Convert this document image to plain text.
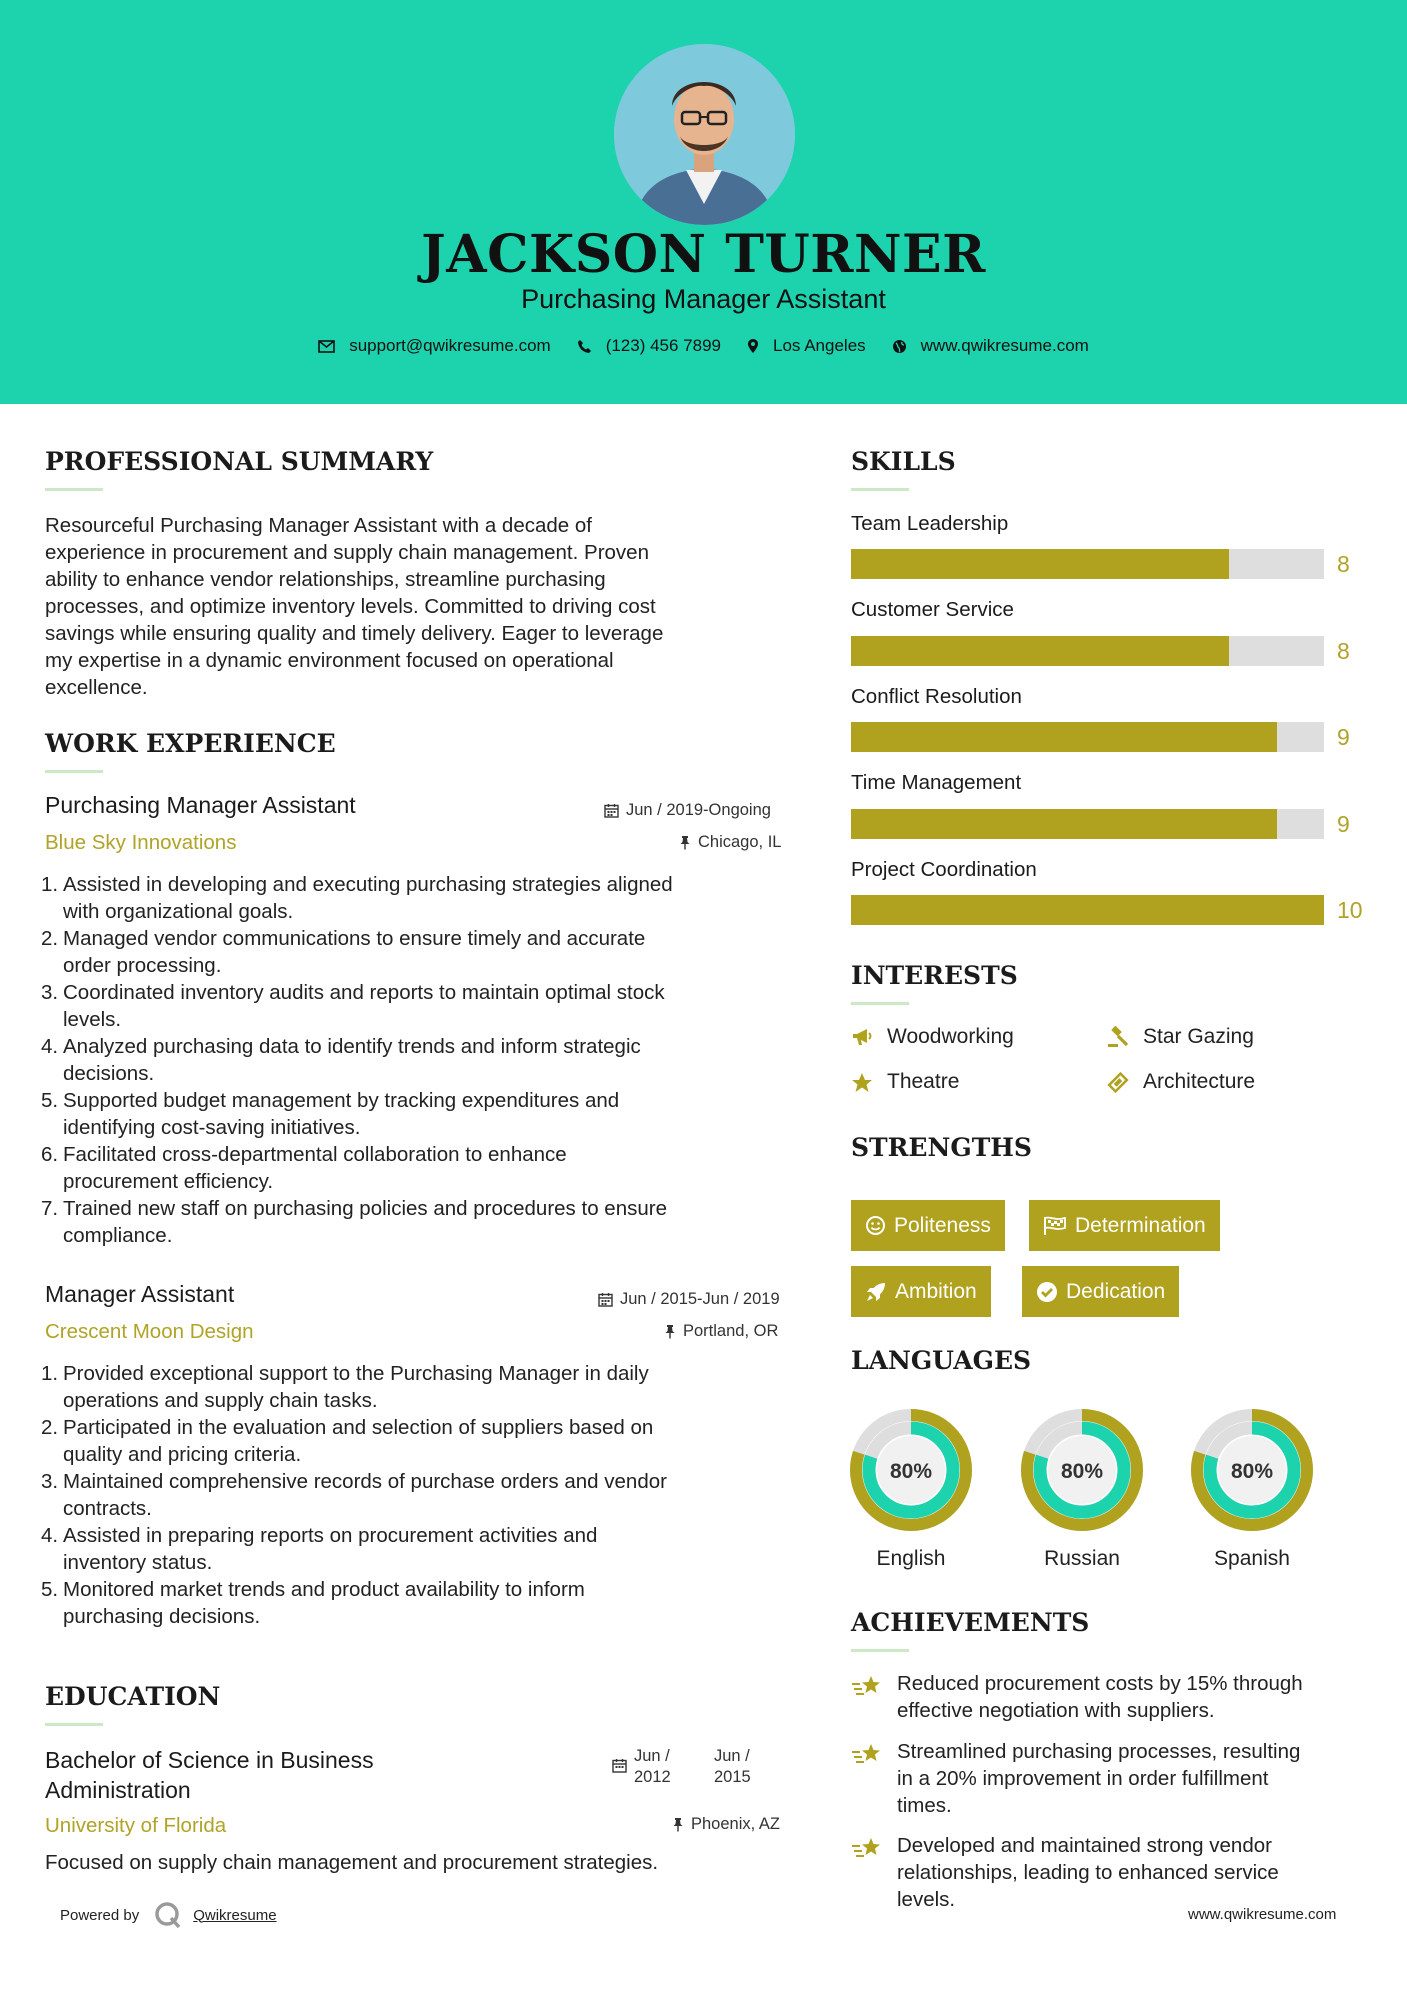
JACKSON TURNER
Purchasing Manager Assistant
support@qwikresume.com	(123) 456 7899	Los Angeles	www.qwikresume.com
PROFESSIONAL SUMMARY
Resourceful Purchasing Manager Assistant with a decade of
experience in procurement and supply chain management. Proven
ability to enhance vendor relationships, streamline purchasing
processes, and optimize inventory levels. Committed to driving cost
savings while ensuring quality and timely delivery. Eager to leverage
my expertise in a dynamic environment focused on operational
excellence.
WORK EXPERIENCE
Purchasing Manager Assistant
Blue Sky Innovations
Jun / 2019-Ongoing
Chicago, IL
1. Assisted in developing and executing purchasing strategies aligned
with organizational goals.
2. Managed vendor communications to ensure timely and accurate
order processing.
3. Coordinated inventory audits and reports to maintain optimal stock
levels.
4. Analyzed purchasing data to identify trends and inform strategic
decisions.
5. Supported budget management by tracking expenditures and
identifying cost-saving initiatives.
6. Facilitated cross-departmental collaboration to enhance
procurement efficiency.
7. Trained new staff on purchasing policies and procedures to ensure
compliance.
Manager Assistant
Crescent Moon Design
Jun / 2015-Jun / 2019
Portland, OR
1. Provided exceptional support to the Purchasing Manager in daily
operations and supply chain tasks.
2. Participated in the evaluation and selection of suppliers based on
quality and pricing criteria.
3. Maintained comprehensive records of purchase orders and vendor
contracts.
4. Assisted in preparing reports on procurement activities and
inventory status.
5. Monitored market trends and product availability to inform
purchasing decisions.
EDUCATION
Bachelor of Science in Business
Administration
Jun /
2012
Jun /
2015
University of Florida	Phoenix, AZ
Focused on supply chain management and procurement strategies.
SKILLS
Team Leadership
8
Customer Service
8
Conflict Resolution
9
Time Management
9
Project Coordination
10
INTERESTS
Woodworking	Star Gazing
Theatre	Architecture
STRENGTHS
Politeness	Determination
Ambition	Dedication
LANGUAGES
80%
English
80%
Russian
80%
Spanish
ACHIEVEMENTS
Reduced procurement costs by 15% through
effective negotiation with suppliers.
Streamlined purchasing processes, resulting
in a 20% improvement in order fulfillment
times.
Developed and maintained strong vendor
relationships, leading to enhanced service
levels.
Powered by	Qwikresume	www.qwikresume.com
